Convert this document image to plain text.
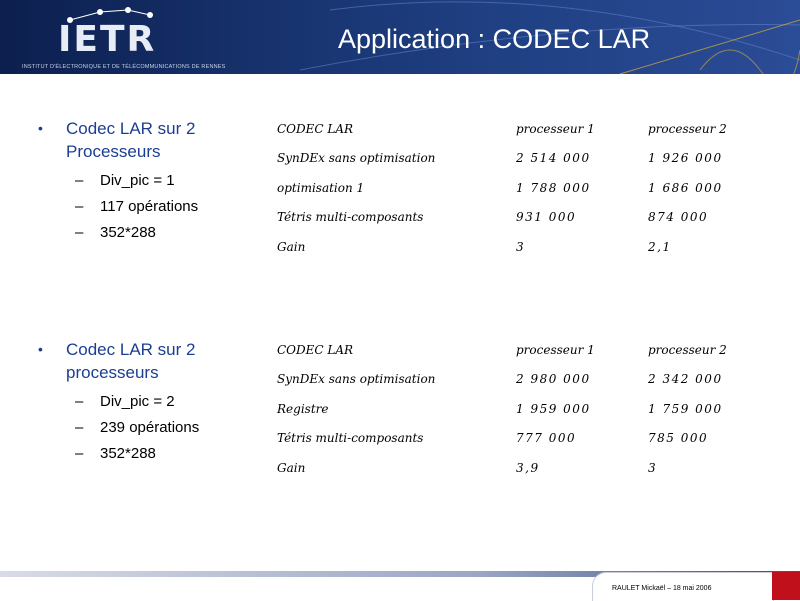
IETR
INSTITUT D'ÉLECTRONIQUE ET DE TÉLÉCOMMUNICATIONS DE RENNES
Application : CODEC LAR
• Codec LAR sur 2
Processeurs
– Div_pic = 1
– 117 opérations
– 352*288
CODEC LAR	processeur 1	processeur 2
SynDEx sans optimisation	2 514 000	1 926 000
optimisation 1	1 788 000	1 686 000
Tétris multi-composants	931 000	874 000
Gain	3	2,1
• Codec LAR sur 2
processeurs
– Div_pic = 2
– 239 opérations
– 352*288
CODEC LAR	processeur 1	processeur 2
SynDEx sans optimisation	2 980 000	2 342 000
Registre	1 959 000	1 759 000
Tétris multi-composants	777 000	785 000
Gain	3,9	3
RAULET Mickaël – 18 mai 2006
